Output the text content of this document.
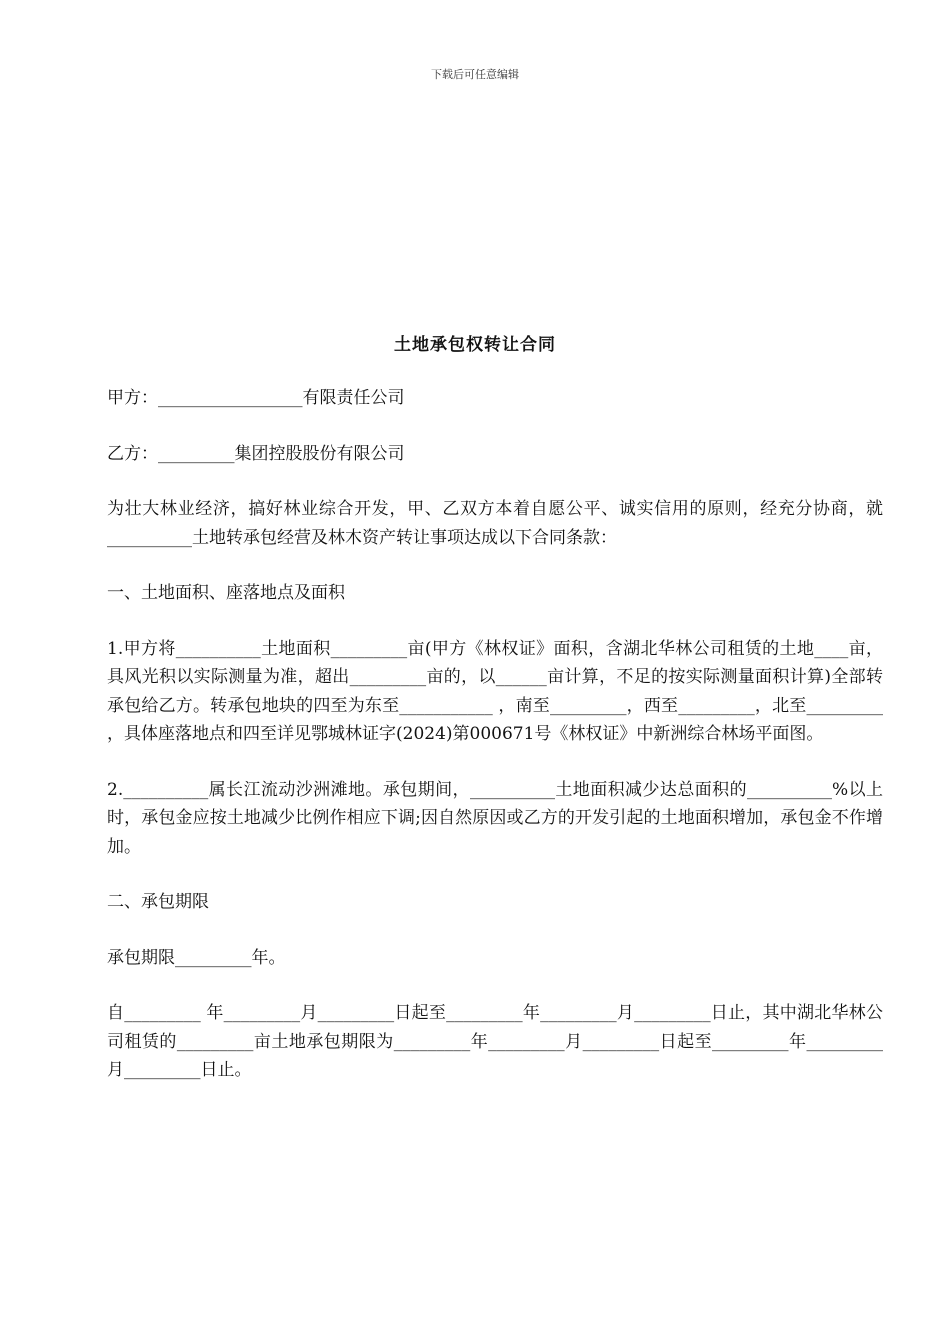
下载后可任意编辑
土地承包权转让合同

甲方：_________________有限责任公司

乙方：_________集团控股股份有限公司

为壮大林业经济，搞好林业综合开发，甲、乙双方本着自愿公平、诚实信用的原则，经充分协商，就__________土地转承包经营及林木资产转让事项达成以下合同条款：

一、土地面积、座落地点及面积

1.甲方将__________土地面积_________亩(甲方《林权证》面积，含湖北华林公司租赁的土地____亩，具风光积以实际测量为准，超出_________亩的，以______亩计算，不足的按实际测量面积计算)全部转承包给乙方。转承包地块的四至为东至___________ ，南至_________，西至_________，北至_________ ，具体座落地点和四至详见鄂城林证字(2024)第000671号《林权证》中新洲综合林场平面图。

2.__________属长江流动沙洲滩地。承包期间，__________土地面积减少达总面积的__________%以上时，承包金应按土地减少比例作相应下调;因自然原因或乙方的开发引起的土地面积增加，承包金不作增加。

二、承包期限

承包期限_________年。

自_________ 年_________月_________日起至_________年_________月_________日止，其中湖北华林公司租赁的_________亩土地承包期限为_________年_________月_________日起至_________年_________月_________日止。
